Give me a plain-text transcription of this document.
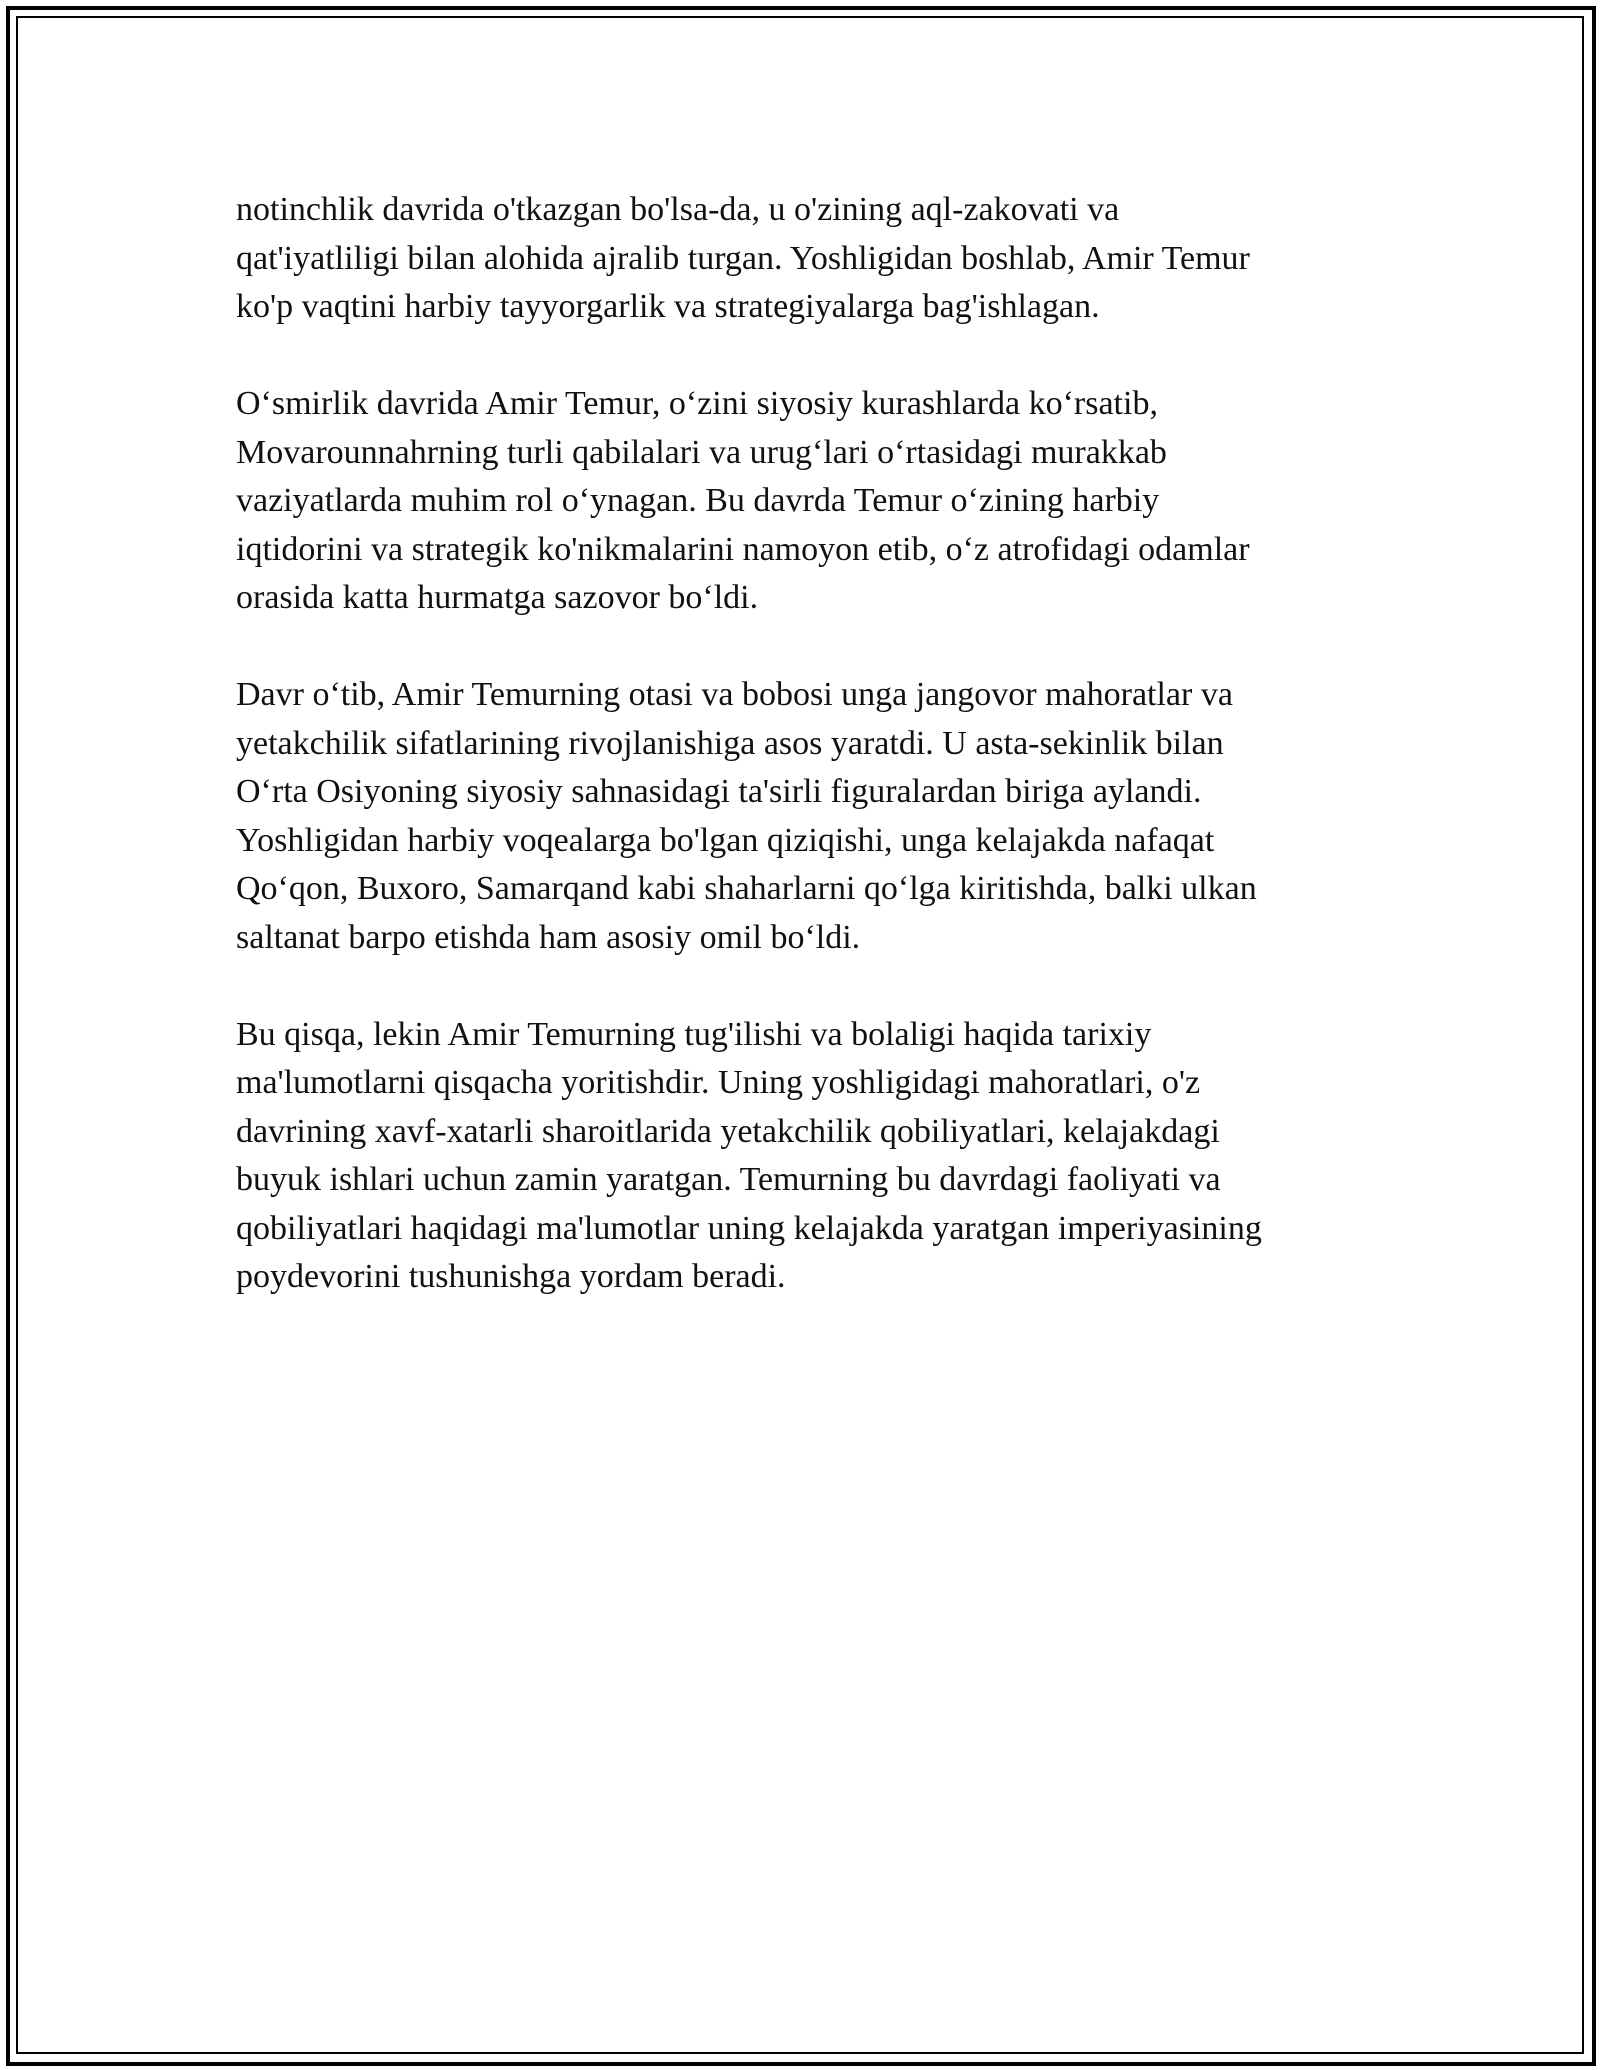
notinchlik davrida o'tkazgan bo'lsa-da, u o'zining aql-zakovati va
qat'iyatliligi bilan alohida ajralib turgan. Yoshligidan boshlab, Amir Temur
ko'p vaqtini harbiy tayyorgarlik va strategiyalarga bag'ishlagan.

O‘smirlik davrida Amir Temur, o‘zini siyosiy kurashlarda ko‘rsatib,
Movarounnahrning turli qabilalari va urug‘lari o‘rtasidagi murakkab
vaziyatlarda muhim rol o‘ynagan. Bu davrda Temur o‘zining harbiy
iqtidorini va strategik ko'nikmalarini namoyon etib, o‘z atrofidagi odamlar
orasida katta hurmatga sazovor bo‘ldi.

Davr o‘tib, Amir Temurning otasi va bobosi unga jangovor mahoratlar va
yetakchilik sifatlarining rivojlanishiga asos yaratdi. U asta-sekinlik bilan
O‘rta Osiyoning siyosiy sahnasidagi ta'sirli figuralardan biriga aylandi.
Yoshligidan harbiy voqealarga bo'lgan qiziqishi, unga kelajakda nafaqat
Qo‘qon, Buxoro, Samarqand kabi shaharlarni qo‘lga kiritishda, balki ulkan
saltanat barpo etishda ham asosiy omil bo‘ldi.

Bu qisqa, lekin Amir Temurning tug'ilishi va bolaligi haqida tarixiy
ma'lumotlarni qisqacha yoritishdir. Uning yoshligidagi mahoratlari, o'z
davrining xavf-xatarli sharoitlarida yetakchilik qobiliyatlari, kelajakdagi
buyuk ishlari uchun zamin yaratgan. Temurning bu davrdagi faoliyati va
qobiliyatlari haqidagi ma'lumotlar uning kelajakda yaratgan imperiyasining
poydevorini tushunishga yordam beradi.
